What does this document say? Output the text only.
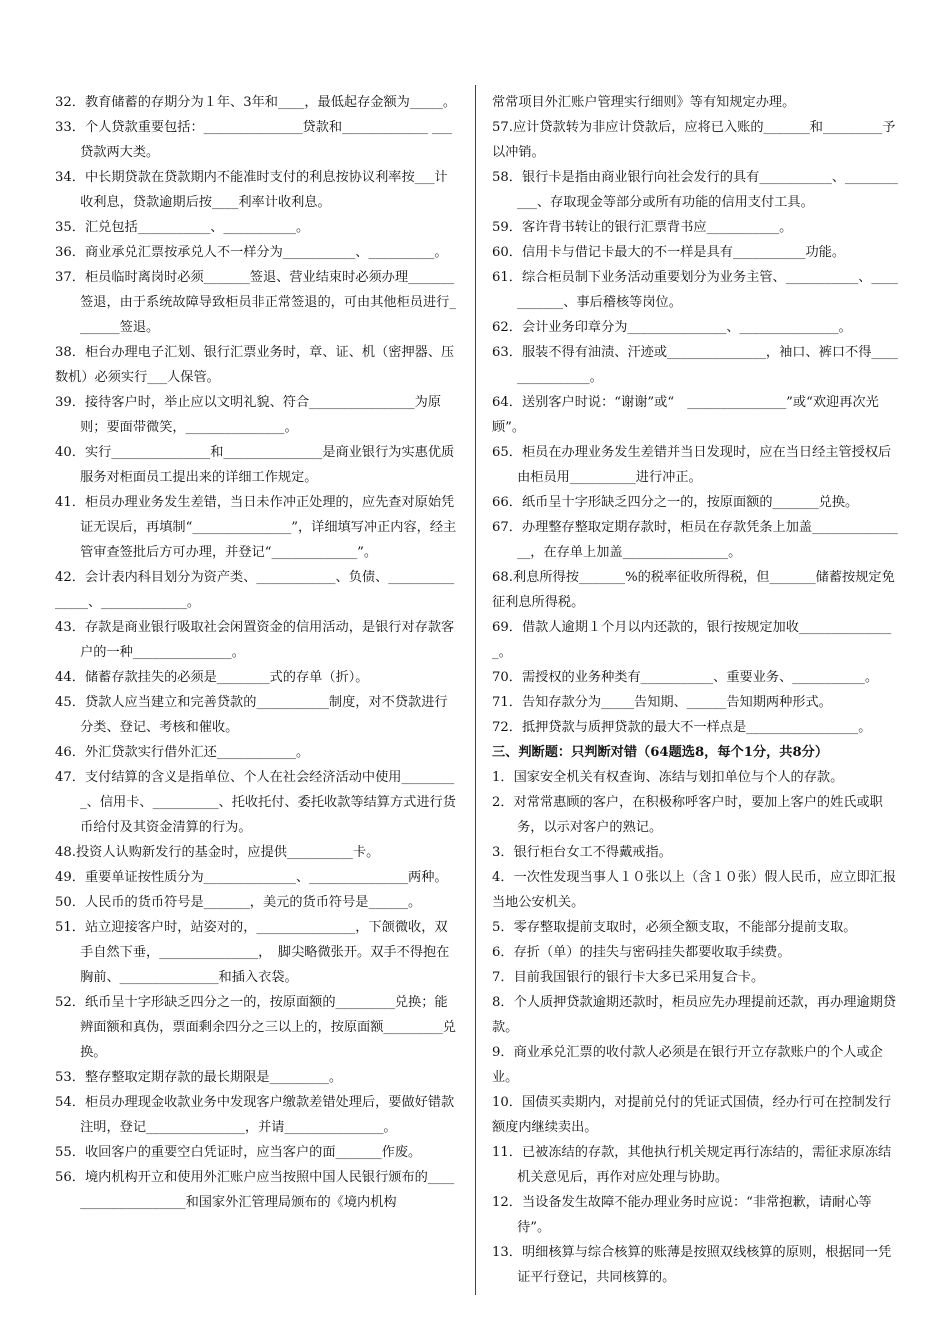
32．教育储蓄的存期分为１年、3年和____，最低起存金额为_____。

33．个人贷款重要包括：_______________贷款和_____________ ___贷款两大类。

34．中长期贷款在贷款期内不能准时支付的利息按协议利率按___计收利息，贷款逾期后按____利率计收利息。

35．汇兑包括___________、___________。

36．商业承兑汇票按承兑人不一样分为___________、__________。

37．柜员临时离岗时必须_______签退、营业结束时必须办理_______签退，由于系统故障导致柜员非正常签退的，可由其他柜员进行_______签退。

38．柜台办理电子汇划、银行汇票业务时，章、证、机（密押器、压数机）必须实行___人保管。

39．接待客户时，举止应以文明礼貌、符合________________为原则；要面带微笑，_______________。

40．实行_______________和_______________是商业银行为实惠优质服务对柜面员工提出来的详细工作规定。

41．柜员办理业务发生差错，当日未作冲正处理的，应先查对原始凭证无误后，再填制“_______________”，详细填写冲正内容，经主管审查签批后方可办理，并登记“_____________”。

42．会计表内科目划分为资产类、____________、负债、_______________、_____________。

43．存款是商业银行吸取社会闲置资金的信用活动，是银行对存款客户的一种_______________。

44．储蓄存款挂失的必须是________式的存单（折）。

45．贷款人应当建立和完善贷款的___________制度，对不贷款进行分类、登记、考核和催收。

46．外汇贷款实行借外汇还____________。

47．支付结算的含义是指单位、个人在社会经济活动中使用_________、信用卡、__________、托收托付、委托收款等结算方式进行货币给付及其资金清算的行为。

48.投资人认购新发行的基金时，应提供__________卡。

49．重要单证按性质分为______________、_______________两种。

50．人民币的货币符号是_______，美元的货币符号是______。

51．站立迎接客户时，站姿对的，_______________，下颌微收，双手自然下垂，_______________，　脚尖略微张开。双手不得抱在胸前、_______________和插入衣袋。

52．纸币呈十字形缺乏四分之一的，按原面额的_________兑换；能辨面额和真伪，票面剩余四分之三以上的，按原面额_________兑换。

53．整存整取定期存款的最长期限是_________。

54．柜员办理现金收款业务中发现客户缴款差错处理后，要做好错款注明，登记_______________，并请_______________。

55．收回客户的重要空白凭证时，应当客户的面_______作废。

56．境内机构开立和使用外汇账户应当按照中国人民银行颁布的____________________和国家外汇管理局颁布的《境内机构

常常项目外汇账户管理实行细则》等有知规定办理。

57.应计贷款转为非应计贷款后，应将已入账的_______和_________予以冲销。

58．银行卡是指由商业银行向社会发行的具有___________、___________、存取现金等部分或所有功能的信用支付工具。

59．客许背书转让的银行汇票背书应___________。

60．信用卡与借记卡最大的不一样是具有___________功能。

61．综合柜员制下业务活动重要划分为业务主管、___________、___________、事后稽核等岗位。

62．会计业务印章分为_______________、_______________。

63．服装不得有油渍、汗迹或_______________，袖口、裤口不得_______________。

64．送别客户时说：“谢谢”或“　_______________”或“欢迎再次光顾”。

65．柜员在办理业务发生差错并当日发现时，应在当日经主管授权后由柜员用__________进行冲正。

66．纸币呈十字形缺乏四分之一的，按原面额的_______兑换。

67．办理整存整取定期存款时，柜员在存款凭条上加盖_______________，在存单上加盖________________。

68.利息所得按_______%的税率征收所得税，但_______储蓄按规定免征利息所得税。

69．借款人逾期１个月以内还款的，银行按规定加收_______________。

70．需授权的业务种类有___________、重要业务、___________。

71．告知存款分为_____告知期、______告知期两种形式。

72．抵押贷款与质押贷款的最大不一样点是_________________。

三、判断题：只判断对错（64题选8，每个1分，共8分）

1．国家安全机关有权查询、冻结与划扣单位与个人的存款。

2．对常常惠顾的客户，在积极称呼客户时，要加上客户的姓氏或职务，以示对客户的熟记。

3．银行柜台女工不得戴戒指。

4．一次性发现当事人１０张以上（含１０张）假人民币，应立即汇报当地公安机关。

5．零存整取提前支取时，必须全额支取，不能部分提前支取。

6．存折（单）的挂失与密码挂失都要收取手续费。

7．目前我国银行的银行卡大多已采用复合卡。

8．个人质押贷款逾期还款时，柜员应先办理提前还款，再办理逾期贷款。

9．商业承兑汇票的收付款人必须是在银行开立存款账户的个人或企业。

10．国债买卖期内，对提前兑付的凭证式国债，经办行可在控制发行额度内继续卖出。

11．已被冻结的存款，其他执行机关规定再行冻结的，需征求原冻结机关意见后，再作对应处理与协助。

12．当设备发生故障不能办理业务时应说：“非常抱歉，请耐心等待”。

13．明细核算与综合核算的账薄是按照双线核算的原则，根据同一凭证平行登记，共同核算的。
